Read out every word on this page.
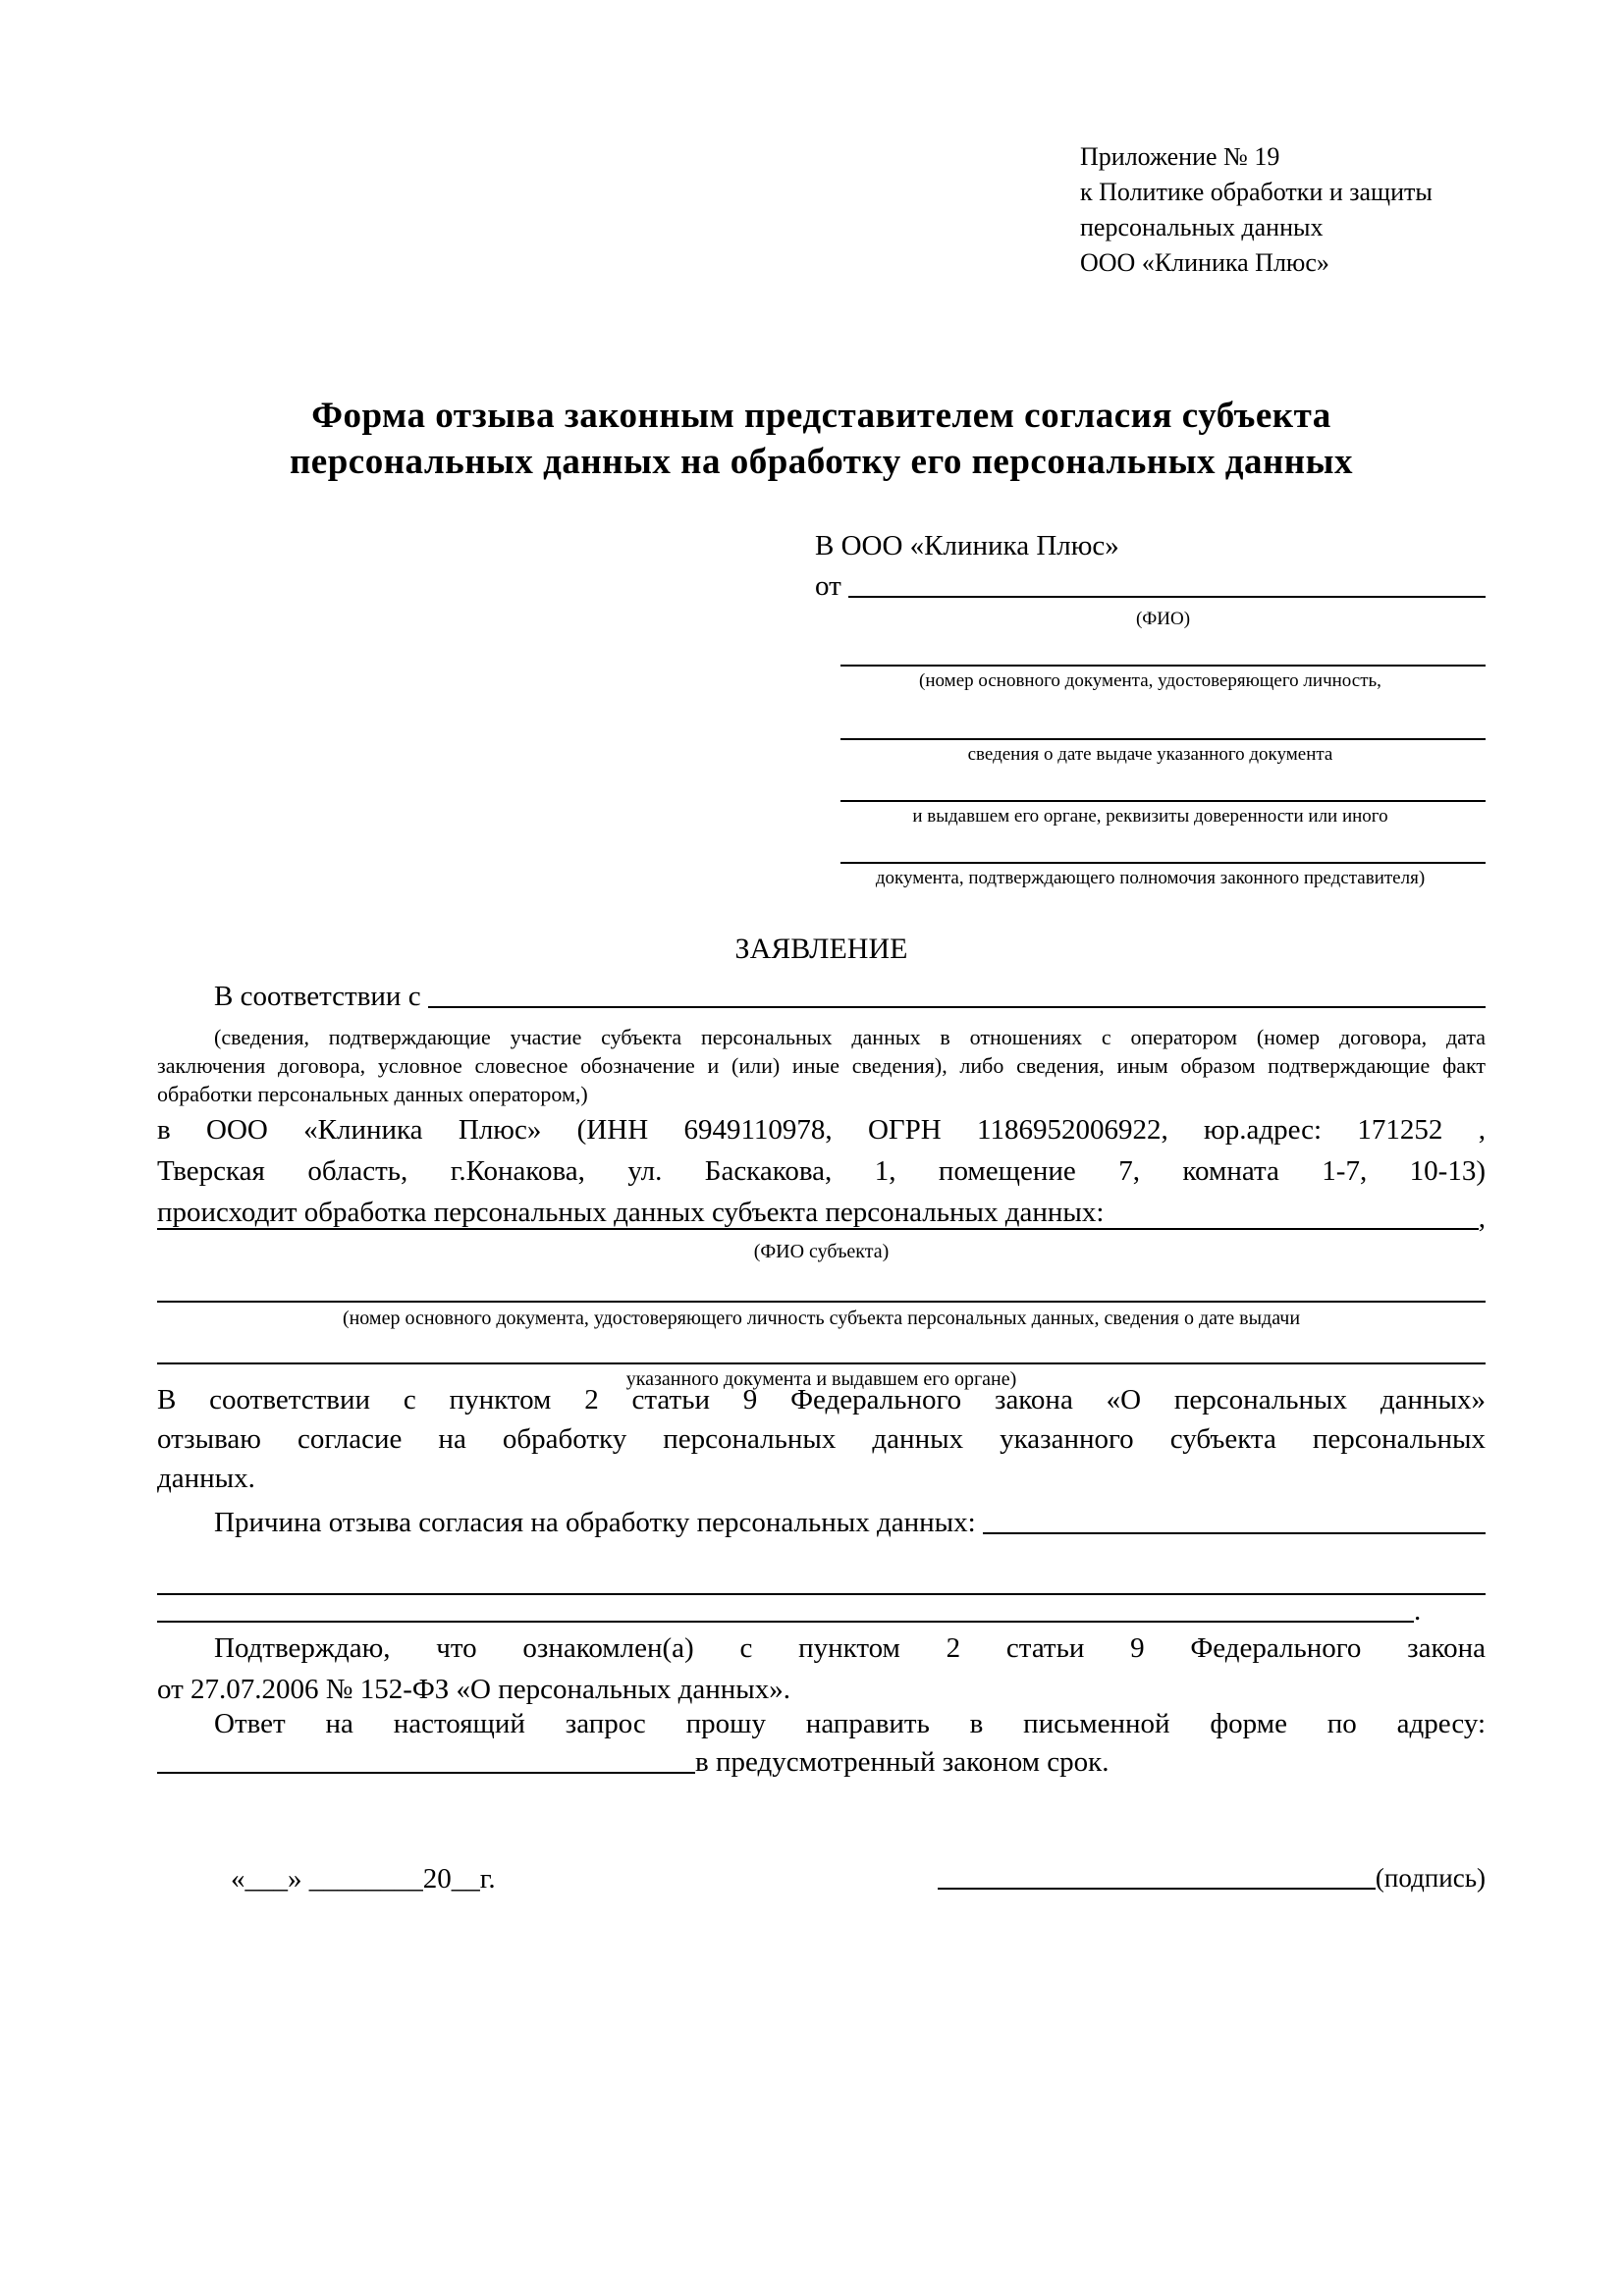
Приложение № 19
к Политике обработки и защиты
персональных данных
ООО «Клиника Плюс»
Форма отзыва законным представителем согласия субъекта
персональных данных на обработку его персональных данных
В ООО «Клиника Плюс»
от

(ФИО)
(номер основного документа, удостоверяющего личность,
сведения о дате выдаче указанного документа
и выдавшем его органе, реквизиты доверенности или иного
документа, подтверждающего полномочия законного представителя)
ЗАЯВЛЕНИЕ
В соответствии с

(сведения, подтверждающие участие субъекта персональных данных в отношениях с оператором (номер договора, дата
заключения договора, условное словесное обозначение и (или) иные сведения), либо сведения, иным образом подтверждающие факт
обработки персональных данных оператором,)
в ООО «Клиника Плюс» (ИНН 6949110978, ОГРН 1186952006922, юр.адрес: 171252 ,
Тверская область, г.Конакова, ул. Баскакова, 1, помещение 7, комната 1-7, 10-13)
происходит обработка персональных данных субъекта персональных данных:	,
(ФИО субъекта)
(номер основного документа, удостоверяющего личность субъекта персональных данных, сведения о дате выдачи
указанного документа и выдавшем его органе)
В соответствии с пунктом 2 статьи 9 Федерального закона «О персональных данных»
отзываю согласие на обработку персональных данных указанного субъекта персональных
данных.
Причина отзыва согласия на обработку персональных данных:

.
Подтверждаю, что ознакомлен(а) с пунктом 2 статьи 9 Федерального закона
от 27.07.2006 № 152-ФЗ «О персональных данных».
Ответ на настоящий запрос прошу направить в письменной форме по адресу:
в предусмотренный законом срок.
«___» ________20__г.	(подпись)
